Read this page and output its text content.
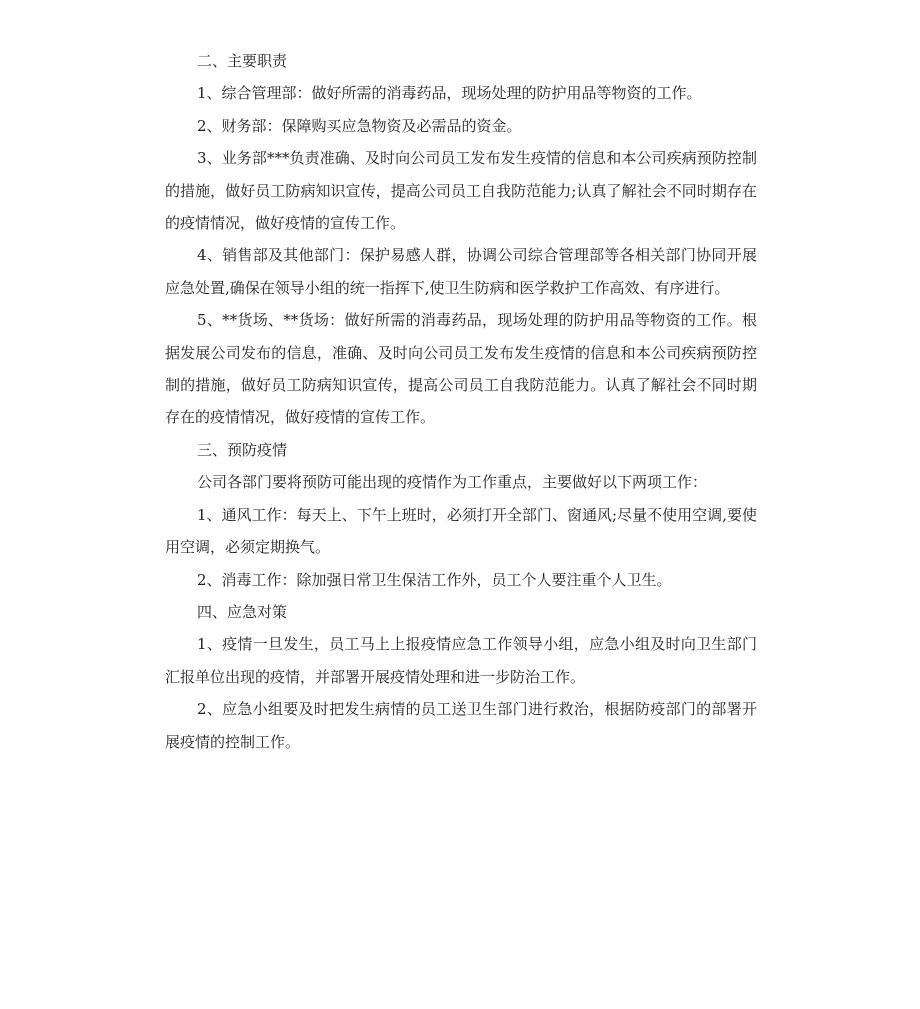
二、主要职责

1、综合管理部：做好所需的消毒药品，现场处理的防护用品等物资的工作。

2、财务部：保障购买应急物资及必需品的资金。

3、业务部***负责准确、及时向公司员工发布发生疫情的信息和本公司疾病预防控制的措施，做好员工防病知识宣传，提高公司员工自我防范能力;认真了解社会不同时期存在的疫情情况，做好疫情的宣传工作。

4、销售部及其他部门：保护易感人群，协调公司综合管理部等各相关部门协同开展应急处置,确保在领导小组的统一指挥下,使卫生防病和医学救护工作高效、有序进行。

5、**货场、**货场：做好所需的消毒药品，现场处理的防护用品等物资的工作。根据发展公司发布的信息，准确、及时向公司员工发布发生疫情的信息和本公司疾病预防控制的措施，做好员工防病知识宣传，提高公司员工自我防范能力。认真了解社会不同时期存在的疫情情况，做好疫情的宣传工作。

三、预防疫情

公司各部门要将预防可能出现的疫情作为工作重点，主要做好以下两项工作：

1、通风工作：每天上、下午上班时，必须打开全部门、窗通风;尽量不使用空调,要使用空调，必须定期换气。

2、消毒工作：除加强日常卫生保洁工作外，员工个人要注重个人卫生。

四、应急对策

1、疫情一旦发生，员工马上上报疫情应急工作领导小组，应急小组及时向卫生部门汇报单位出现的疫情，并部署开展疫情处理和进一步防治工作。

2、应急小组要及时把发生病情的员工送卫生部门进行救治，根据防疫部门的部署开展疫情的控制工作。
